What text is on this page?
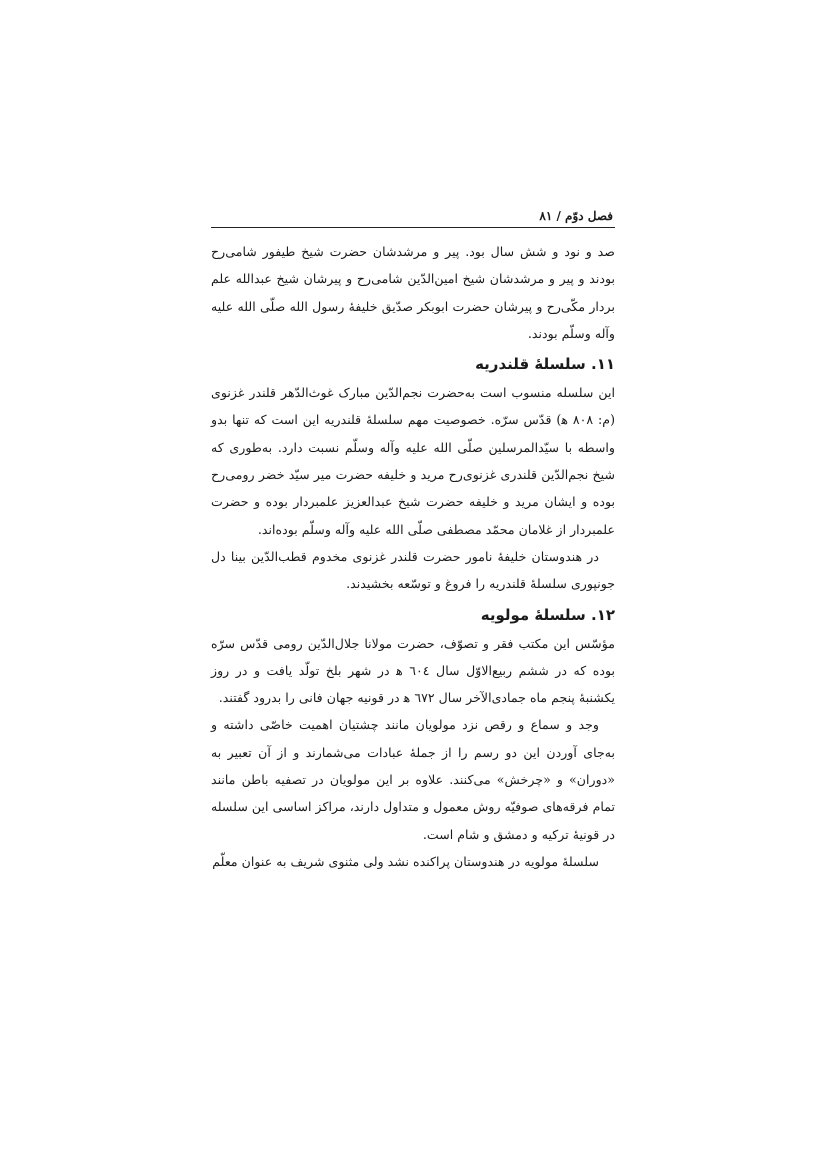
فصل دوّم / ۸۱

صد و نود و شش سال بود. پیر و مرشدشان حضرت شیخ طیفور شامی‌رح بودند و پیر و مرشدشان شیخ امین‌الدّین شامی‌رح و پیرشان شیخ عبدالله علم بردار مکّی‌رح و پیرشان حضرت ابوبکر صدّیق خلیفهٔ رسول الله صلّی الله علیه وآله وسلّم بودند.

۱۱. سلسلهٔ قلندریه

این سلسله منسوب است به‌حضرت نجم‌الدّین مبارک غوث‌الدّهر قلندر غزنوی (م: ۸۰۸ ﻫ) قدّس سرّه. خصوصیت مهم سلسلهٔ قلندریه این است که تنها بدو واسطه با سیّدالمرسلین صلّی الله علیه وآله وسلّم نسبت دارد. به‌طوری که شیخ نجم‌الدّین قلندری غزنوی‌رح مرید و خلیفه حضرت میر سیّد خضر رومی‌رح بوده و ایشان مرید و خلیفه حضرت شیخ عبدالعزیز علمبردار بوده و حضرت علمبردار از غلامان محمّد مصطفی صلّی الله علیه وآله وسلّم بوده‌اند.

در هندوستان خلیفهٔ نامور حضرت قلندر غزنوی مخدوم قطب‌الدّین بینا دل جونپوری سلسلهٔ قلندریه را فروغ و توسّعه بخشیدند.

۱۲. سلسلهٔ مولویه

مؤسّس این مکتب فقر و تصوّف، حضرت مولانا جلال‌الدّین رومی قدّس سرّه بوده که در ششم ربیع‌الاوّل سال ٦٠٤ ﻫ در شهر بلخ تولّد یافت و در روز یکشنبهٔ پنجم ماه جمادی‌الآخر سال ٦٧٢ ﻫ در قونیه جهان فانی را بدرود گفتند.

وجد و سماع و رقص نزد مولویان مانند چشتیان اهمیت خاصّی داشته و به‌جای آوردن این دو رسم را از جملهٔ عبادات می‌شمارند و از آن تعبیر به «دوران» و «چرخش» می‌کنند. علاوه بر این مولویان در تصفیه باطن مانند تمام فرقه‌های صوفیّه روش معمول و متداول دارند، مراکز اساسی این سلسله در قونیهٔ ترکیه و دمشق و شام است.

سلسلهٔ مولویه در هندوستان پراکنده نشد ولی مثنوی شریف به عنوان معلّم
